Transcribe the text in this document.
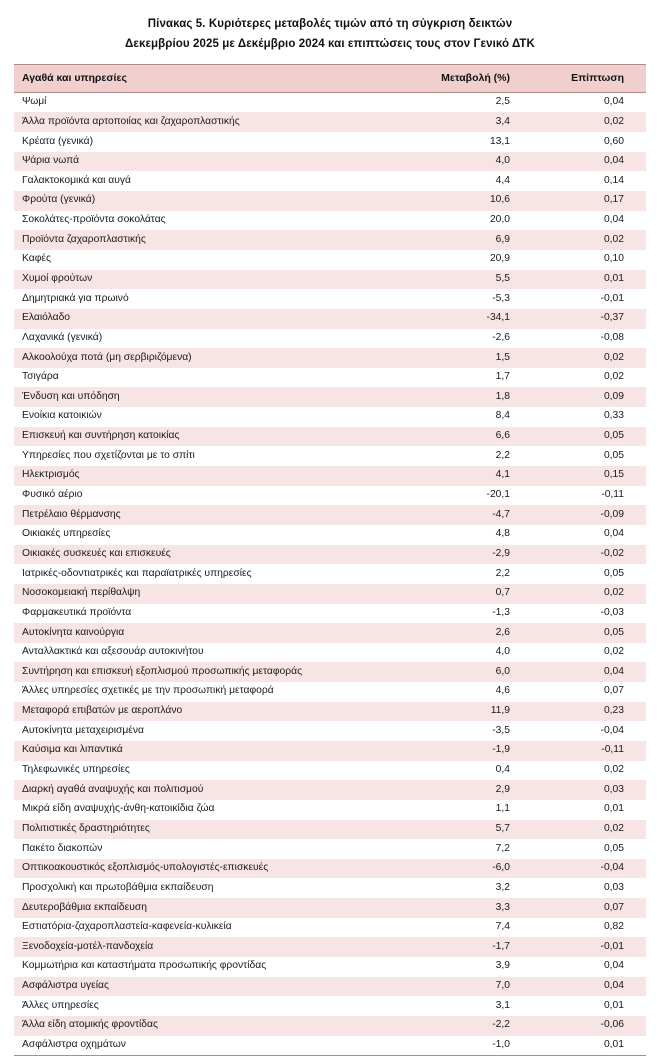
Πίνακας 5. Κυριότερες μεταβολές τιμών από τη σύγκριση δεικτών
Δεκεμβρίου 2025 με Δεκέμβριο 2024 και επιπτώσεις τους στον Γενικό ΔΤΚ
Αγαθά και υπηρεσίες	Μεταβολή (%)	Επίπτωση
Ψωμί	2,5	0,04
Άλλα προϊόντα αρτοποιίας και ζαχαροπλαστικής	3,4	0,02
Κρέατα (γενικά)	13,1	0,60
Ψάρια νωπά	4,0	0,04
Γαλακτοκομικά και αυγά	4,4	0,14
Φρούτα (γενικά)	10,6	0,17
Σοκολάτες-προϊόντα σοκολάτας	20,0	0,04
Προϊόντα ζαχαροπλαστικής	6,9	0,02
Καφές	20,9	0,10
Χυμοί φρούτων	5,5	0,01
Δημητριακά για πρωινό	-5,3	-0,01
Ελαιόλαδο	-34,1	-0,37
Λαχανικά (γενικά)	-2,6	-0,08
Αλκοολούχα ποτά (μη σερβιριζόμενα)	1,5	0,02
Τσιγάρα	1,7	0,02
Ένδυση και υπόδηση	1,8	0,09
Ενοίκια κατοικιών	8,4	0,33
Επισκευή και συντήρηση κατοικίας	6,6	0,05
Υπηρεσίες που σχετίζονται με το σπίτι	2,2	0,05
Ηλεκτρισμός	4,1	0,15
Φυσικό αέριο	-20,1	-0,11
Πετρέλαιο θέρμανσης	-4,7	-0,09
Οικιακές υπηρεσίες	4,8	0,04
Οικιακές συσκευές και επισκευές	-2,9	-0,02
Ιατρικές-οδοντιατρικές και παραϊατρικές υπηρεσίες	2,2	0,05
Νοσοκομειακή περίθαλψη	0,7	0,02
Φαρμακευτικά προϊόντα	-1,3	-0,03
Αυτοκίνητα καινούργια	2,6	0,05
Ανταλλακτικά και αξεσουάρ αυτοκινήτου	4,0	0,02
Συντήρηση και επισκευή εξοπλισμού προσωπικής μεταφοράς	6,0	0,04
Άλλες υπηρεσίες σχετικές με την προσωπική μεταφορά	4,6	0,07
Μεταφορά επιβατών με αεροπλάνο	11,9	0,23
Αυτοκίνητα μεταχειρισμένα	-3,5	-0,04
Καύσιμα και λιπαντικά	-1,9	-0,11
Τηλεφωνικές υπηρεσίες	0,4	0,02
Διαρκή αγαθά αναψυχής και πολιτισμού	2,9	0,03
Μικρά είδη αναψυχής-άνθη-κατοικίδια ζώα	1,1	0,01
Πολιτιστικές δραστηριότητες	5,7	0,02
Πακέτο διακοπών	7,2	0,05
Οπτικοακουστικός εξοπλισμός-υπολογιστές-επισκευές	-6,0	-0,04
Προσχολική και πρωτοβάθμια εκπαίδευση	3,2	0,03
Δευτεροβάθμια εκπαίδευση	3,3	0,07
Εστιατόρια-ζαχαροπλαστεία-καφενεία-κυλικεία	7,4	0,82
Ξενοδοχεία-μοτέλ-πανδοχεία	-1,7	-0,01
Κομμωτήρια και καταστήματα προσωπικής φροντίδας	3,9	0,04
Ασφάλιστρα υγείας	7,0	0,04
Άλλες υπηρεσίες	3,1	0,01
Άλλα είδη ατομικής φροντίδας	-2,2	-0,06
Ασφάλιστρα οχημάτων	-1,0	0,01
